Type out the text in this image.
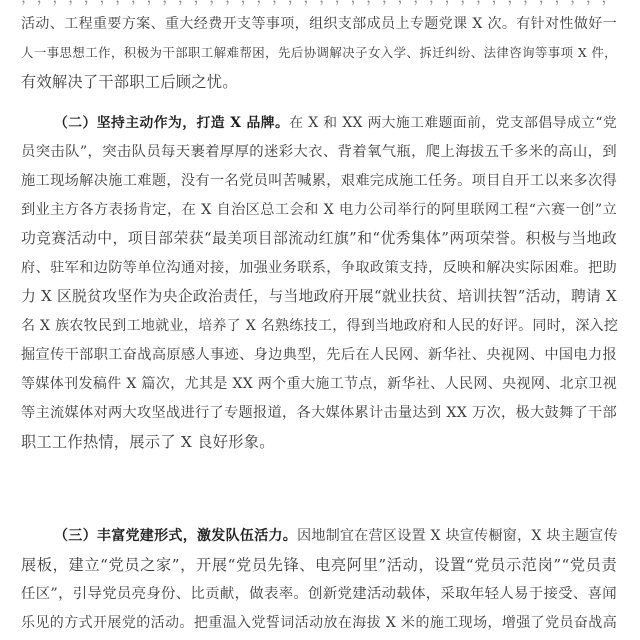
活动、工程重要方案、重大经费开支等事项，组织支部成员上专题党课 X 次。有针对性做好一
人一事思想工作，积极为干部职工解难帮困，先后协调解决子女入学、拆迁纠纷、法律咨询等事项 X 件，
有效解决了干部职工后顾之忧。
（二）坚持主动作为，打造 X 品牌。在 X 和 XX 两大施工难题面前，党支部倡导成立“党
员突击队”，突击队员每天裹着厚厚的迷彩大衣、背着氧气瓶，爬上海拔五千多米的高山，到
施工现场解决施工难题，没有一名党员叫苦喊累，艰难完成施工任务。项目自开工以来多次得
到业主方各方表扬肯定，在 X 自治区总工会和 X 电力公司举行的阿里联网工程“六赛一创”立
功竞赛活动中，项目部荣获“最美项目部流动红旗”和“优秀集体”两项荣誉。积极与当地政
府、驻军和边防等单位沟通对接，加强业务联系，争取政策支持，反映和解决实际困难。把助
力 X 区脱贫攻坚作为央企政治责任，与当地政府开展“就业扶贫、培训扶智”活动，聘请 X
名 X 族农牧民到工地就业，培养了 X 名熟练技工，得到当地政府和人民的好评。同时，深入挖
掘宣传干部职工奋战高原感人事迹、身边典型，先后在人民网、新华社、央视网、中国电力报
等媒体刊发稿件 X 篇次，尤其是 XX 两个重大施工节点，新华社、人民网、央视网、北京卫视
等主流媒体对两大攻坚战进行了专题报道，各大媒体累计击量达到 XX 万次，极大鼓舞了干部
职工工作热情，展示了 X 良好形象。
（三）丰富党建形式，激发队伍活力。因地制宜在营区设置 X 块宣传橱窗，X 块主题宣传
展板，建立“党员之家”，开展“党员先锋、电亮阿里”活动，设置“党员示范岗”“党员责
任区”，引导党员亮身份、比贡献，做表率。创新党建活动载体，采取年轻人易于接受、喜闻
乐见的方式开展党的活动。把重温入党誓词活动放在海拔 X 米的施工现场，增强了党员奋战高
